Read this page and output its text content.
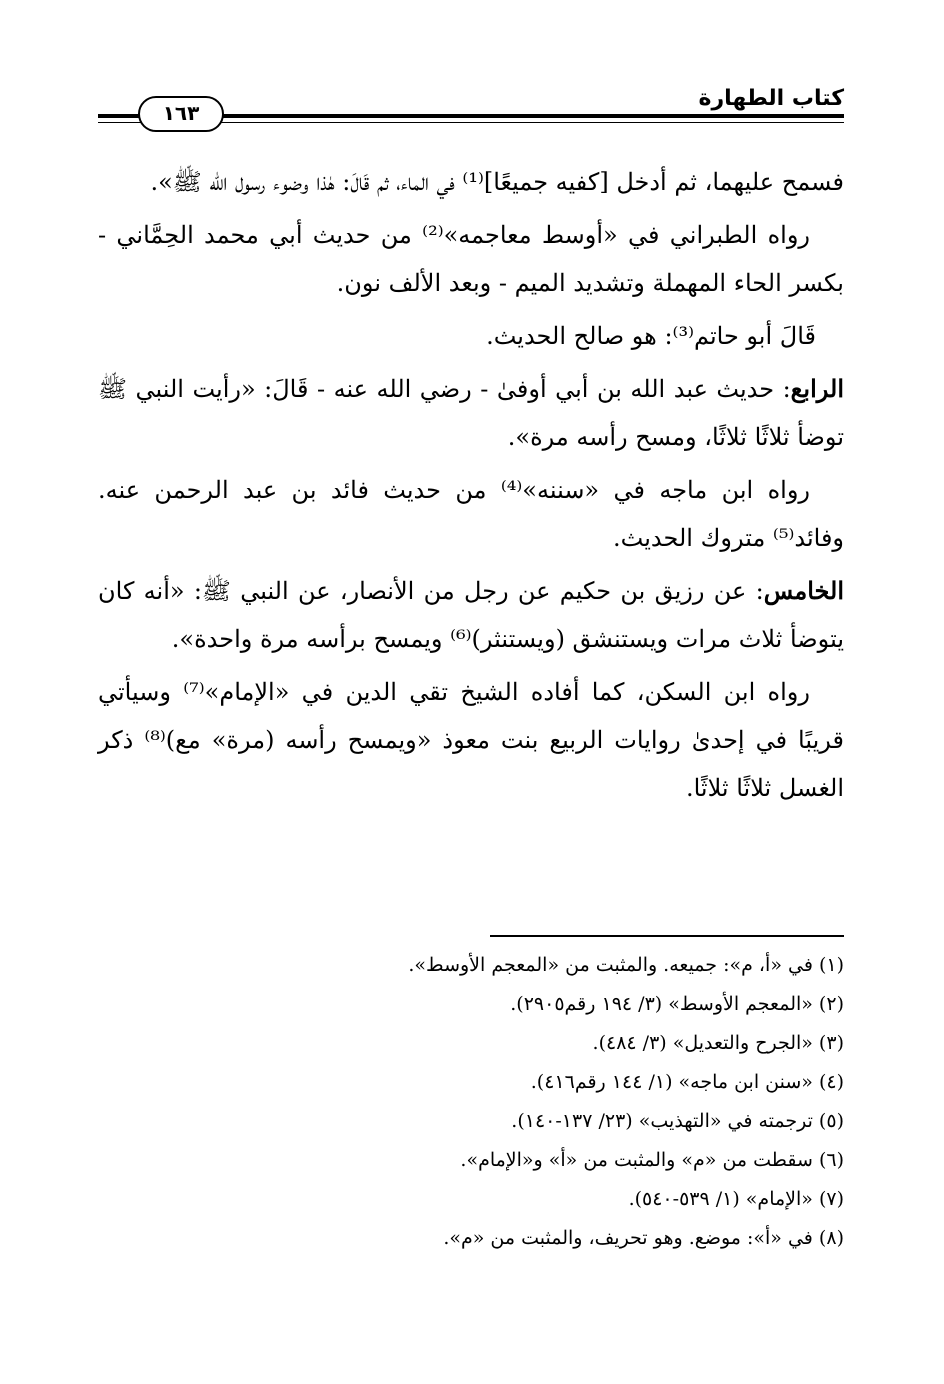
كتاب الطهارة
١٦٣

فسمح عليهما، ثم أدخل [كفيه جميعًا]⁽¹⁾ في الماء، ثم قَالَ: هٰذا وضوء رسول الله ﷺ».

رواه الطبراني في «أوسط معاجمه»⁽²⁾ من حديث أبي محمد الحِمَّاني - بكسر الحاء المهملة وتشديد الميم - وبعد الألف نون.

قَالَ أبو حاتم⁽³⁾: هو صالح الحديث.

الرابع: حديث عبد الله بن أبي أوفىٰ - رضي الله عنه - قَالَ: «رأيت النبي ﷺ توضأ ثلاثًا ثلاثًا، ومسح رأسه مرة».

رواه ابن ماجه في «سننه»⁽⁴⁾ من حديث فائد بن عبد الرحمن عنه. وفائد⁽⁵⁾ متروك الحديث.

الخامس: عن رزيق بن حكيم عن رجل من الأنصار، عن النبي ﷺ: «أنه كان يتوضأ ثلاث مرات ويستنشق (ويستنثر)⁽⁶⁾ ويمسح برأسه مرة واحدة».

رواه ابن السكن، كما أفاده الشيخ تقي الدين في «الإمام»⁽⁷⁾ وسيأتي قريبًا في إحدىٰ روايات الربيع بنت معوذ «ويمسح رأسه (مرة» مع)⁽⁸⁾ ذكر الغسل ثلاثًا ثلاثًا.

(١) في «أ، م»: جميعه. والمثبت من «المعجم الأوسط».

(٢) «المعجم الأوسط» (٣/ ١٩٤ رقم٢٩٠٥).

(٣) «الجرح والتعديل» (٣/ ٤٨٤).

(٤) «سنن ابن ماجه» (١/ ١٤٤ رقم٤١٦).

(٥) ترجمته في «التهذيب» (٢٣/ ١٣٧-١٤٠).

(٦) سقطت من «م» والمثبت من «أ» و«الإمام».

(٧) «الإمام» (١/ ٥٣٩-٥٤٠).

(٨) في «أ»: موضع. وهو تحريف، والمثبت من «م».
